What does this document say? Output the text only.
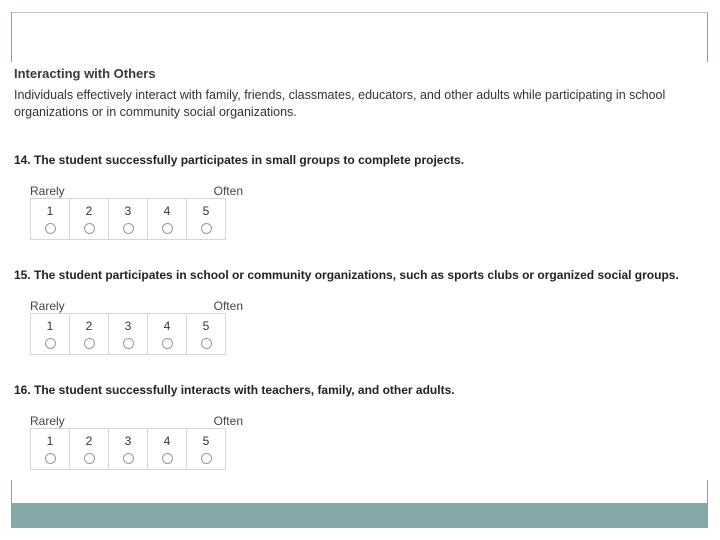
Interacting with Others

Individuals effectively interact with family, friends, classmates, educators, and other adults while participating in school organizations or in community social organizations.

14. The student successfully participates in small groups to complete projects.

Rarely	Often
1	2	3	4	5

15. The student participates in school or community organizations, such as sports clubs or organized social groups.

Rarely	Often
1	2	3	4	5

16. The student successfully interacts with teachers, family, and other adults.

Rarely	Often
1	2	3	4	5
